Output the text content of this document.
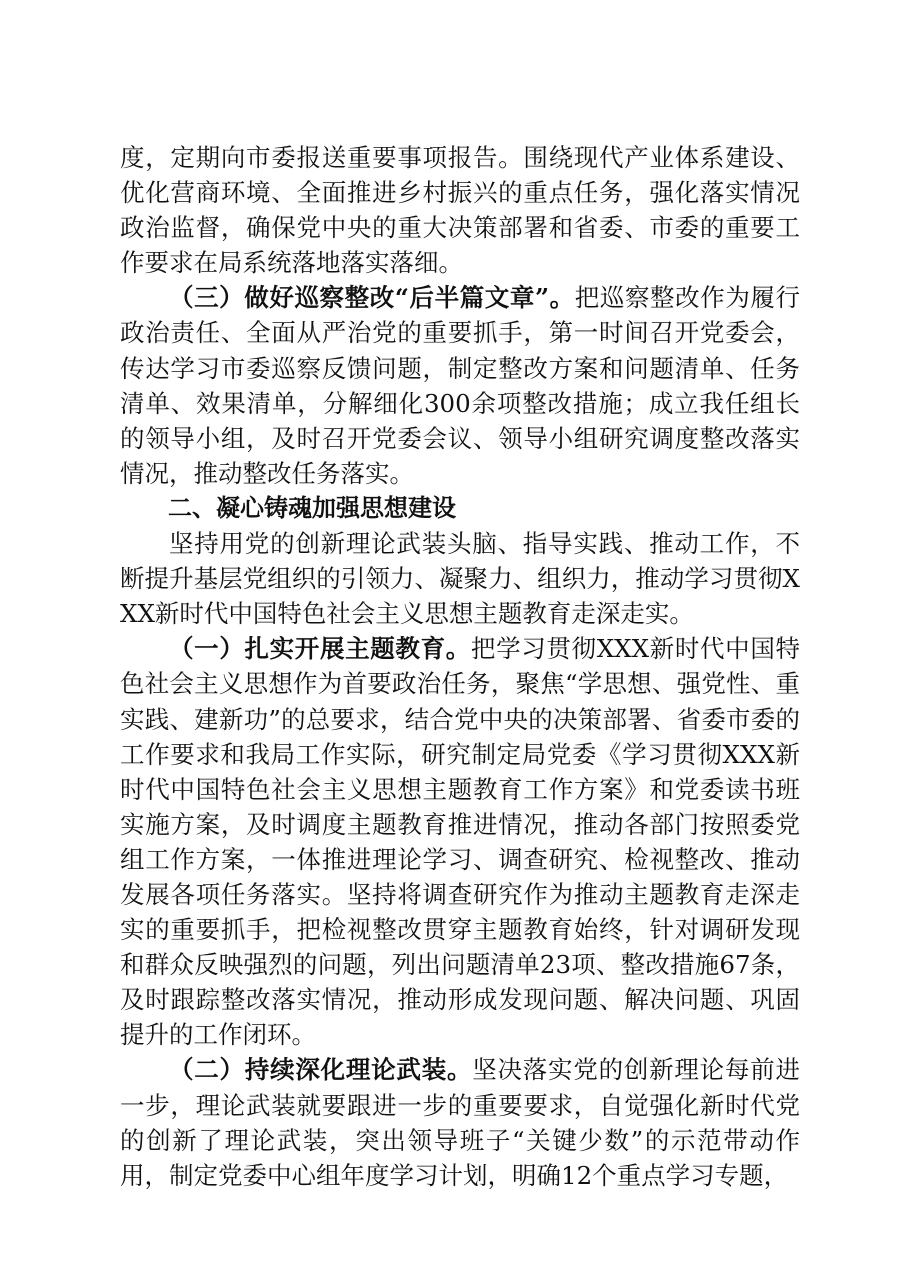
度，定期向市委报送重要事项报告。围绕现代产业体系建设、优化营商环境、全面推进乡村振兴的重点任务，强化落实情况政治监督，确保党中央的重大决策部署和省委、市委的重要工作要求在局系统落地落实落细。

（三）做好巡察整改“后半篇文章”。把巡察整改作为履行政治责任、全面从严治党的重要抓手，第一时间召开党委会，传达学习市委巡察反馈问题，制定整改方案和问题清单、任务清单、效果清单，分解细化300余项整改措施；成立我任组长的领导小组，及时召开党委会议、领导小组研究调度整改落实情况，推动整改任务落实。

二、凝心铸魂加强思想建设

坚持用党的创新理论武装头脑、指导实践、推动工作，不断提升基层党组织的引领力、凝聚力、组织力，推动学习贯彻XXX新时代中国特色社会主义思想主题教育走深走实。

（一）扎实开展主题教育。把学习贯彻XXX新时代中国特色社会主义思想作为首要政治任务，聚焦“学思想、强党性、重实践、建新功”的总要求，结合党中央的决策部署、省委市委的工作要求和我局工作实际，研究制定局党委《学习贯彻XXX新时代中国特色社会主义思想主题教育工作方案》和党委读书班实施方案，及时调度主题教育推进情况，推动各部门按照委党组工作方案，一体推进理论学习、调查研究、检视整改、推动发展各项任务落实。坚持将调查研究作为推动主题教育走深走实的重要抓手，把检视整改贯穿主题教育始终，针对调研发现和群众反映强烈的问题，列出问题清单23项、整改措施67条，及时跟踪整改落实情况，推动形成发现问题、解决问题、巩固提升的工作闭环。

（二）持续深化理论武装。坚决落实党的创新理论每前进一步，理论武装就要跟进一步的重要要求，自觉强化新时代党的创新了理论武装，突出领导班子“关键少数”的示范带动作用，制定党委中心组年度学习计划，明确12个重点学习专题，
